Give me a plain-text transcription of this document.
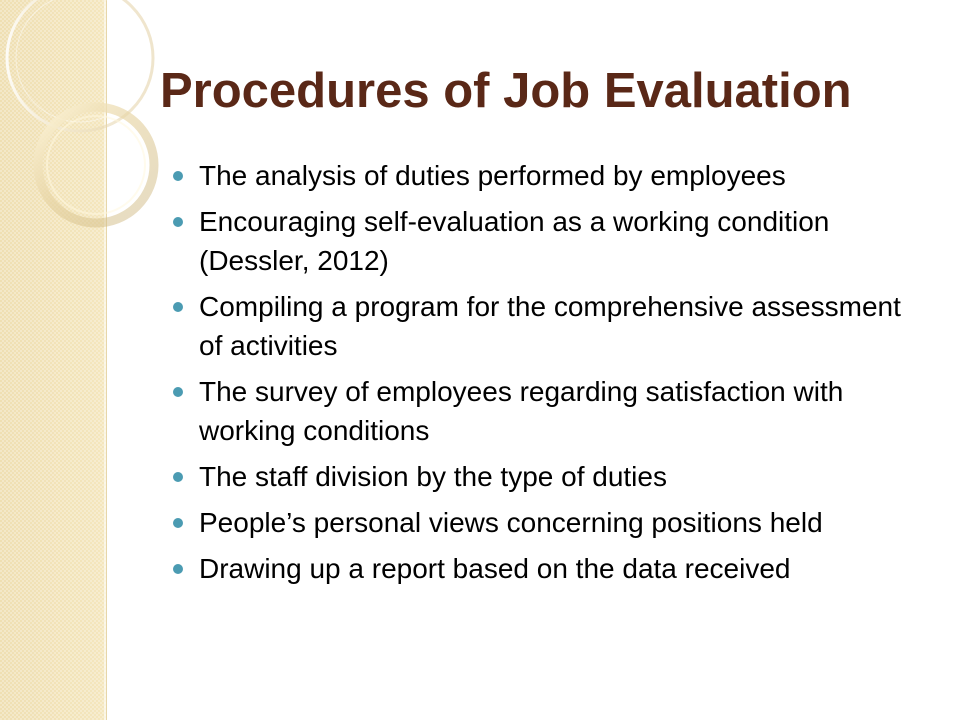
Procedures of Job Evaluation
The analysis of duties performed by employees
Encouraging self-evaluation as a working condition (Dessler, 2012)
Compiling a program for the comprehensive assessment of activities
The survey of employees regarding satisfaction with working conditions
The staff division by the type of duties
People’s personal views concerning positions held
Drawing up a report based on the data received
